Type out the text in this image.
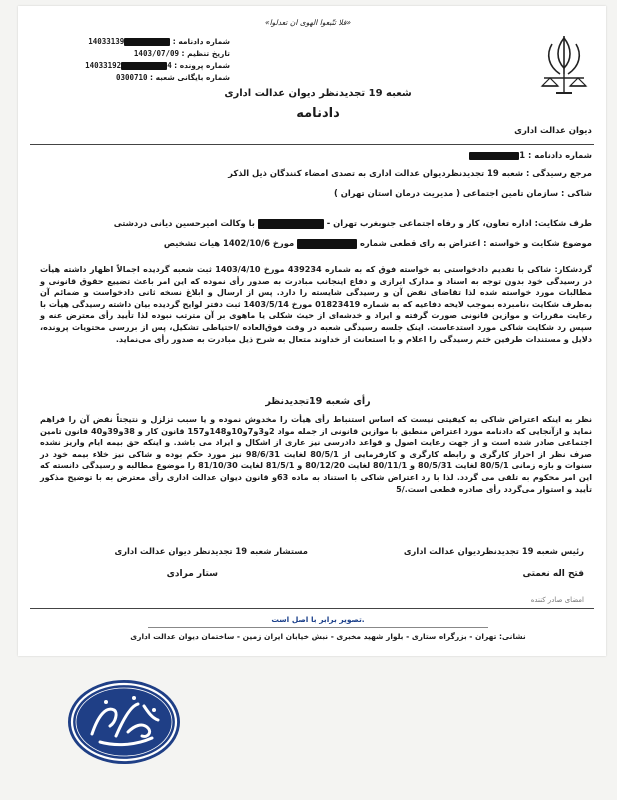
دیوان عدالت اداری
«فلا تتّبعوا الهوی ان تعدلوا»
شعبه 19 تجدیدنظر دیوان عدالت اداری
دادنامه
شماره دادنامه : 14033139
تاریخ تنظیم : 1403/07/09
شماره پرونده : 414033192
شماره بایگانی شعبه : 0300710
شماره دادنامه : 1
مرجع رسیدگی : شعبه 19 تجدیدنظردیوان عدالت اداری به تصدی امضاء کنندگان ذیل الذکر
شاکی : سازمان تامین اجتماعی ( مدیریت درمان استان تهران )
طرف شکایت: اداره تعاون، کار و رفاه اجتماعی جنوبغرب تهران -  با وکالت امیرحسین دیانی دردشتی
موضوع شکایت و خواسته : اعتراض به رای قطعی شماره  مورخ 1402/10/6 هیات تشخیص

گردشکار: شاکی با تقدیم دادخواستی به خواسته فوق که به شماره 439234 مورخ 1403/4/10 ثبت شعبه گردیده اجمالاً اظهار داشته هیأت در رسیدگی خود بدون توجه به اسناد و مدارک ابرازی و دفاع اینجانب مبادرت به صدور رأی نموده که این امر باعث تضییع حقوق قانونی و مطالبات مورد خواسته شده لذا تقاضای نقض آن و رسیدگی شایسته را دارد. پس از ارسال و ابلاغ نسخه ثانی دادخواست و ضمائم آن به‌طرف شکایت ،نامبرده بموجب لایحه دفاعیه که به شماره 01823419 مورخ 1403/5/14 ثبت دفتر لوایح گردیده بیان داشته رسیدگی هیأت با رعایت مقررات و موازین قانونی صورت گرفته و ایراد و خدشه‌ای از حیث شکلی یا ماهوی بر آن مترتب نبوده لذا تأیید رأی معترض عنه و سپس رد شکایت شاکی مورد استدعاست. اینک جلسه رسیدگی شعبه در وقت فوق‌العاده /احتیاطی تشکیل، پس از بررسی محتویات پرونده، دلایل و مستندات طرفین ختم رسیدگی را اعلام و با استعانت از خداوند متعال به شرح ذیل مبادرت به صدور رأی می‌نماید.

رأی شعبه 19تجدیدنظر

نظر به اینکه اعتراض شاکی به کیفیتی نیست که اساس استنباط رأی هیأت را مخدوش نموده و یا سبب تزلزل و نتیجتاً نقض آن را فراهم نماید و ازآنجایی که دادنامه مورد اعتراض منطبق با موازین قانونی از جمله مواد 2و3و7و10و148و157 قانون کار و 38و39و40 قانون تامین اجتماعی صادر شده است و از جهت رعایت اصول و قواعد دادرسی نیز عاری از اشکال و ایراد می باشد. و اینکه حق بیمه ایام واریز نشده صرف نظر از احراز کارگری و رابطه کارگری و کارفرمایی از 80/5/1 لغایت 98/6/31 نیز مورد حکم بوده و شاکی نیز خلاء بیمه خود در سنوات و بازه زمانی 80/5/1 لغایت 80/5/31 و 80/11/1 لغایت 80/12/20 و 81/5/1 لغایت 81/10/30 را موضوع مطالبه و رسیدگی دانسته که این امر محکوم به تلقی می گردد. لذا با رد اعتراض شاکی با استناد به ماده 63و قانون دیوان عدالت اداری رأی معترض به با توضیح مذکور تأیید و استوار می‌گردد رأی صادره قطعی است./5

رئیس شعبه 19 تجدیدنظردیوان عدالت اداری
مستشار شعبه 19 تجدیدنظر دیوان عدالت اداری
فتح اله نعمتی
ستار مرادی
امضای صادر کننده
تصویر برابر با اصل است.
نشانی: تهران - بزرگراه ستاری - بلوار شهید مخبری - نبش خیابان ایران زمین - ساختمان دیوان عدالت اداری
